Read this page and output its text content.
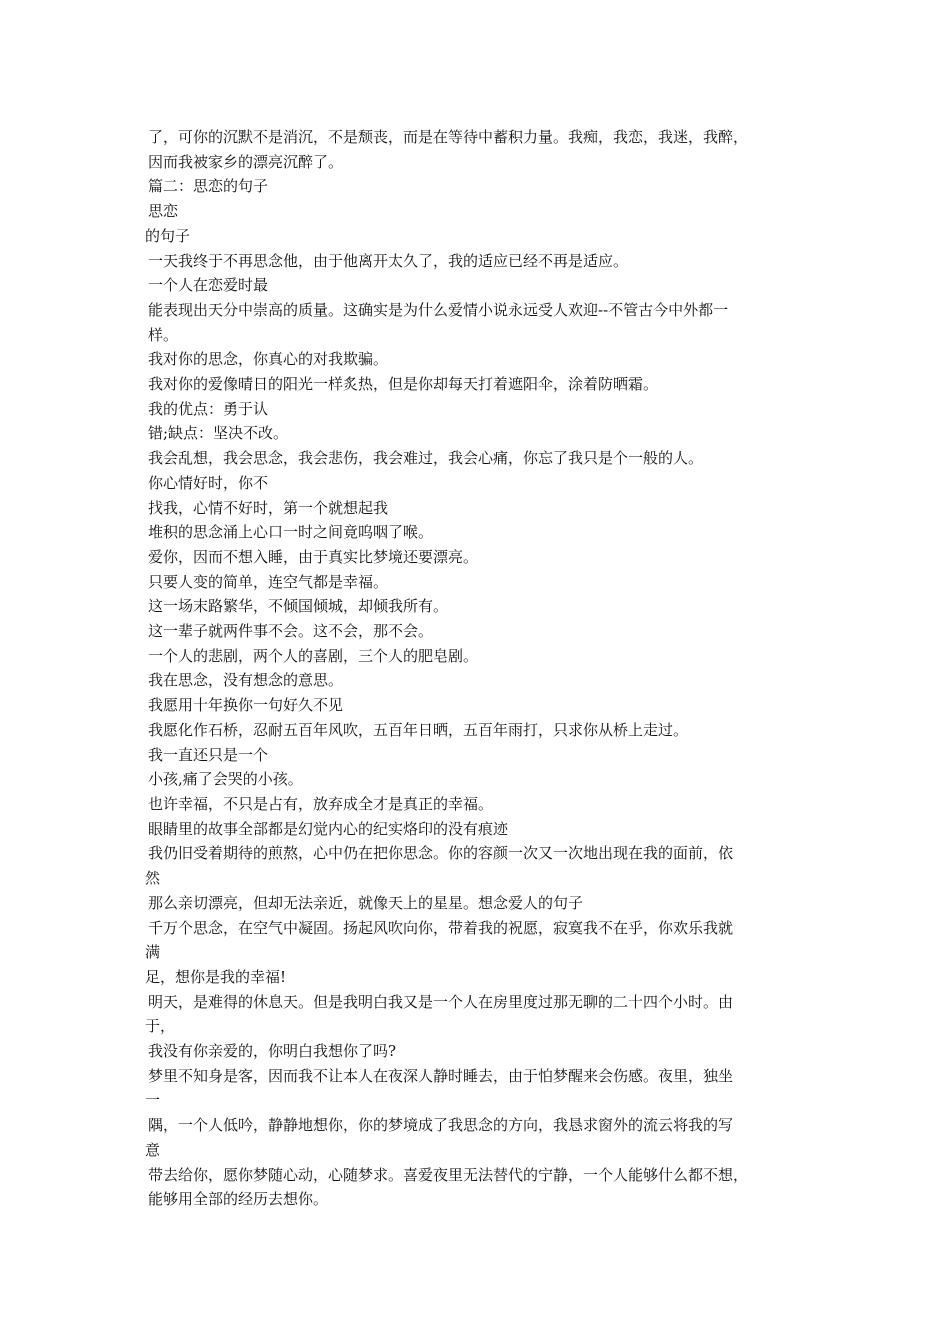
了，可你的沉默不是消沉，不是颓丧，而是在等待中蓄积力量。我痴，我恋，我迷，我醉，

因而我被家乡的漂亮沉醉了。

篇二：思恋的句子

思恋

的句子

一天我终于不再思念他，由于他离开太久了，我的适应已经不再是适应。

一个人在恋爱时最

能表现出天分中崇高的质量。这确实是为什么爱情小说永远受人欢迎--不管古今中外都一

样。

我对你的思念，你真心的对我欺骗。

我对你的爱像晴日的阳光一样炙热，但是你却每天打着遮阳伞，涂着防晒霜。

我的优点：勇于认

错;缺点：坚决不改。

我会乱想，我会思念，我会悲伤，我会难过，我会心痛，你忘了我只是个一般的人。

你心情好时，你不

找我，心情不好时，第一个就想起我

堆积的思念涌上心口一时之间竟呜咽了喉。

爱你，因而不想入睡，由于真实比梦境还要漂亮。

只要人变的简单，连空气都是幸福。

这一场末路繁华，不倾国倾城，却倾我所有。

这一辈子就两件事不会。这不会，那不会。

一个人的悲剧，两个人的喜剧，三个人的肥皂剧。

我在思念，没有想念的意思。

我愿用十年换你一句好久不见

我愿化作石桥，忍耐五百年风吹，五百年日晒，五百年雨打，只求你从桥上走过。

我一直还只是一个

小孩,痛了会哭的小孩。

也许幸福，不只是占有，放弃成全才是真正的幸福。

眼睛里的故事全部都是幻觉内心的纪实烙印的没有痕迹

我仍旧受着期待的煎熬，心中仍在把你思念。你的容颜一次又一次地出现在我的面前，依

然

那么亲切漂亮，但却无法亲近，就像天上的星星。想念爱人的句子

千万个思念，在空气中凝固。扬起风吹向你，带着我的祝愿，寂寞我不在乎，你欢乐我就

满

足，想你是我的幸福!

明天，是难得的休息天。但是我明白我又是一个人在房里度过那无聊的二十四个小时。由

于，

我没有你亲爱的，你明白我想你了吗?

梦里不知身是客，因而我不让本人在夜深人静时睡去，由于怕梦醒来会伤感。夜里，独坐

一

隅，一个人低吟，静静地想你，你的梦境成了我思念的方向，我恳求窗外的流云将我的写

意

带去给你，愿你梦随心动，心随梦求。喜爱夜里无法替代的宁静，一个人能够什么都不想，

能够用全部的经历去想你。
